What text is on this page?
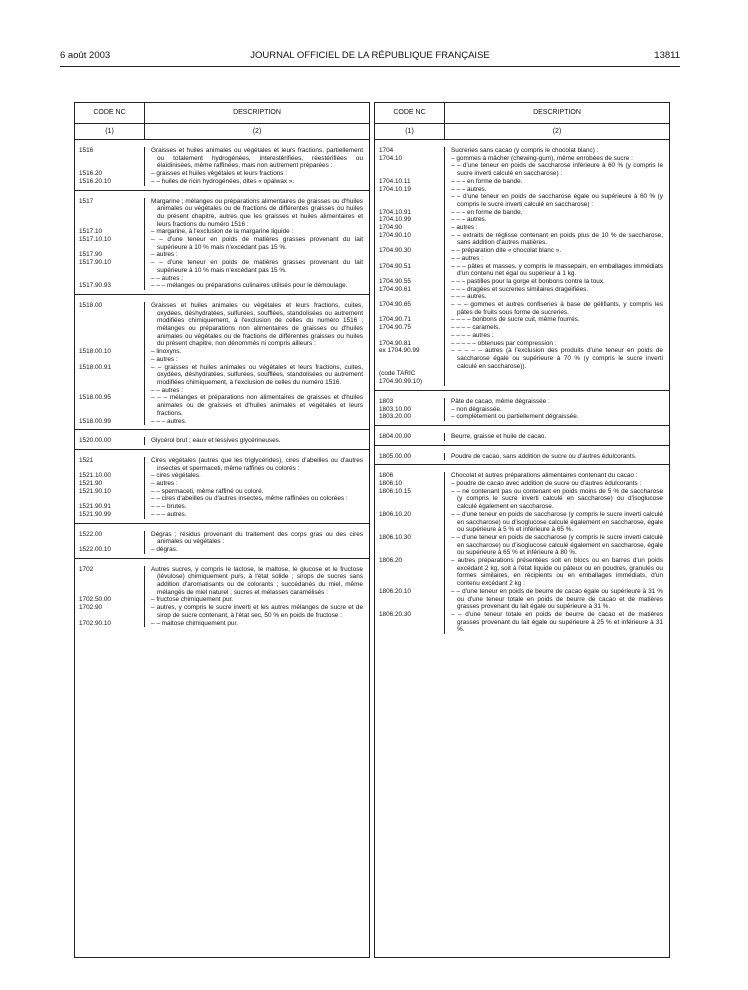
6 août 2003	JOURNAL OFFICIEL DE LA RÉPUBLIQUE FRANÇAISE	13811
CODE NC	DESCRIPTION
(1)	(2)
1516	Graisses et huiles animales ou végétales et leurs fractions, partiellement ou totalement hydrogénées, interestérifiées, réestérifiées ou élaïdinisées, même raffinées, mais non autrement préparées :
1516.20	– graisses et huiles végétales et leurs fractions :
1516.20.10	– – huiles de ricin hydrogénées, dites « opalwax ».
1517	Margarine ; mélanges ou préparations alimentaires de graisses ou d'huiles animales ou végétales ou de fractions de différentes graisses ou huiles du présent chapitre, autres que les graisses et huiles alimentaires et leurs fractions du numéro 1516 :
1517.10	– margarine, à l'exclusion de la margarine liquide :
1517.10.10	– – d'une teneur en poids de matières grasses provenant du lait supérieure à 10 % mais n'excédant pas 15 %.
1517.90	– autres :
1517.90.10	– – d'une teneur en poids de matières grasses provenant du lait supérieure à 10 % mais n'excédant pas 15 %.
– – autres :
1517.90.93	– – – mélanges ou préparations culinaires utilisés pour le démoulage.
1518.00	Graisses et huiles animales ou végétales et leurs fractions, cuites, oxydées, déshydratées, sulfurées, soufflées, standolisées ou autrement modifiées chimiquement, à l'exclusion de celles du numéro 1516 ; mélanges ou préparations non alimentaires de graisses ou d'huiles animales ou végétales ou de fractions de différentes graisses ou huiles du présent chapitre, non dénommés ni compris ailleurs :
1518.00.10	– linoxyns.
– autres :
1518.00.91	– – graisses et huiles animales ou végétales et leurs fractions, cuites, oxydées, déshydratées, sulfurées, soufflées, standolisées ou autrement modifiées chimiquement, à l'exclusion de celles du numéro 1516.
– – autres :
1518.00.95	– – – mélanges et préparations non alimentaires de graisses et d'huiles animales ou de graisses et d'huiles animales et végétales et leurs fractions.
1518.00.99	– – – autres.
1520.00.00	Glycérol brut ; eaux et lessives glycérineuses.
1521	Cires végétales (autres que les triglycérides), cires d'abeilles ou d'autres insectes et spermaceti, même raffinés ou colorés :
1521.10.00	– cires végétales.
1521.90	– autres :
1521.90.10	– – spermaceti, même raffiné ou coloré.
– – cires d'abeilles ou d'autres insectes, même raffinées ou colorées :
1521.90.91	– – – brutes.
1521.90.99	– – – autres.
1522.00	Dégras ; résidus provenant du traitement des corps gras ou des cires animales ou végétales :
1522.00.10	– dégras.
1702	Autres sucres, y compris le lactose, le maltose, le glucose et le fructose (lévulose) chimiquement purs, à l'état solide ; sirops de sucres sans addition d'aromatisants ou de colorants ; succédanés du miel, même mélangés de miel naturel ; sucres et mélasses caramélisés :
1702.50.00	– fructose chimiquement pur.
1702.90	– autres, y compris le sucre inverti et les autres mélanges de sucre et de sirop de sucre contenant, à l'état sec, 50 % en poids de fructose :
1702.90.10	– – maltose chimiquement pur.
CODE NC	DESCRIPTION
(1)	(2)
1704	Sucreries sans cacao (y compris le chocolat blanc) :
1704.10	– gommes à mâcher (chewing-gum), même enrobées de sucre :
– – d'une teneur en poids de saccharose inférieure à 60 % (y compris le sucre inverti calculé en saccharose) :
1704.10.11	– – – en forme de bande.
1704.10.19	– – – autres.
– – d'une teneur en poids de saccharose égale ou supérieure à 60 % (y compris le sucre inverti calculé en saccharose) :
1704.10.91	– – – en forme de bande.
1704.10.99	– – – autres.
1704.90	– autres :
1704.90.10	– – extraits de réglisse contenant en poids plus de 10 % de saccharose, sans addition d'autres matières.
1704.90.30	– – préparation dite « chocolat blanc ».
– – autres :
1704.90.51	– – – pâtes et masses, y compris le massepain, en emballages immédiats d'un contenu net égal ou supérieur à 1 kg.
1704.90.55	– – – pastilles pour la gorge et bonbons contre la toux.
1704.90.61	– – – dragées et sucreries similaires dragéifiées.
– – – autres.
1704.90.65	– – – gommes et autres confiseries à base de gélifiants, y compris les pâtes de fruits sous forme de sucreries.
1704.90.71	– – – – bonbons de sucre cuit, même fourrés.
1704.90.75	– – – – caramels.
– – – – autres :
1704.90.81	– – – – – obtenues par compression :
ex 1704.90.99	– – – – – autres (à l'exclusion des produits d'une teneur en poids de saccharose égale ou supérieure à 70 % (y compris le sucre inverti calculé en saccharose)).
(code TARIC
1704.90.99.10)
1803	Pâte de cacao, même dégraissée :
1803.10.00	– non dégraissée.
1803.20.00	– complètement ou partiellement dégraissée.
1804.00.00	Beurre, graisse et huile de cacao.
1805.00.00	Poudre de cacao, sans addition de sucre ou d'autres édulcorants.
1806	Chocolat et autres préparations alimentaires contenant du cacao :
1806.10	– poudre de cacao avec addition de sucre ou d'autres édulcorants :
1806.10.15	– – ne contenant pas ou contenant en poids moins de 5 % de saccharose (y compris le sucre inverti calculé en saccharose) ou d'isoglucose calculé également en saccharose.
1806.10.20	– – d'une teneur en poids de saccharose (y compris le sucre inverti calculé en saccharose) ou d'isoglucose calculé également en saccharose, égale ou supérieure à 5 % et inférieure à 65 %.
1806.10.30	– – d'une teneur en poids de saccharose (y compris le sucre inverti calculé en saccharose) ou d'isoglucose calculé également en saccharose, égale ou supérieure à 65 % et inférieure à 80 %.
1806.20	– autres préparations présentées soit en blocs ou en barres d'un poids excédant 2 kg, soit à l'état liquide ou pâteux ou en poudres, granulés ou formes similaires, en récipients ou en emballages immédiats, d'un contenu excédant 2 kg :
1806.20.10	– – d'une teneur en poids de beurre de cacao égale ou supérieure à 31 % ou d'une teneur totale en poids de beurre de cacao et de matières grasses provenant du lait égale ou supérieure à 31 %.
1806.20.30	– – d'une teneur totale en poids de beurre de cacao et de matières grasses provenant du lait égale ou supérieure à 25 % et inférieure à 31 %.
